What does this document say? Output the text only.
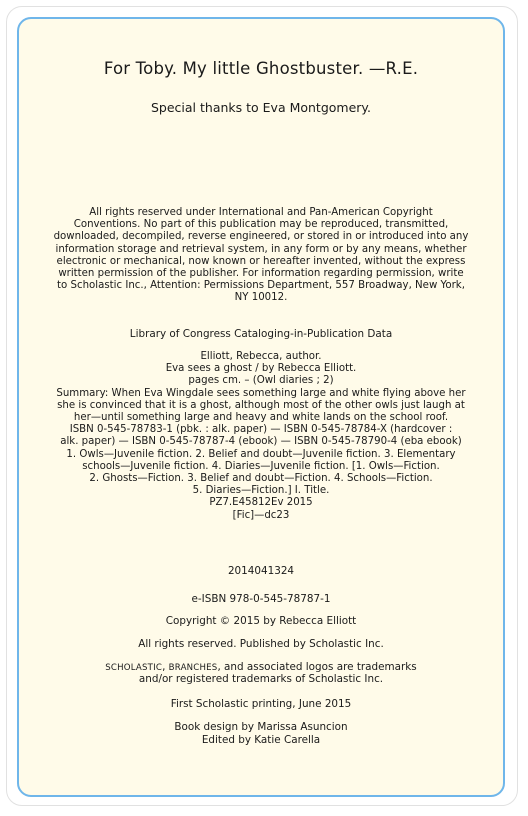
For Toby. My little Ghostbuster. —R.E.
Special thanks to Eva Montgomery.
All rights reserved under International and Pan-American Copyright
Conventions. No part of this publication may be reproduced, transmitted,
downloaded, decompiled, reverse engineered, or stored in or introduced into any
information storage and retrieval system, in any form or by any means, whether
electronic or mechanical, now known or hereafter invented, without the express
written permission of the publisher. For information regarding permission, write
to Scholastic Inc., Attention: Permissions Department, 557 Broadway, New York,
NY 10012.
Library of Congress Cataloging-in-Publication Data
Elliott, Rebecca, author.
Eva sees a ghost / by Rebecca Elliott.
pages cm. – (Owl diaries ; 2)
Summary: When Eva Wingdale sees something large and white flying above her
she is convinced that it is a ghost, although most of the other owls just laugh at
her—until something large and heavy and white lands on the school roof.
ISBN 0-545-78783-1 (pbk. : alk. paper) — ISBN 0-545-78784-X (hardcover :
alk. paper) — ISBN 0-545-78787-4 (ebook) — ISBN 0-545-78790-4 (eba ebook)
1. Owls—Juvenile fiction. 2. Belief and doubt—Juvenile fiction. 3. Elementary
schools—Juvenile fiction. 4. Diaries—Juvenile fiction. [1. Owls—Fiction.
2. Ghosts—Fiction. 3. Belief and doubt—Fiction. 4. Schools—Fiction.
5. Diaries—Fiction.] I. Title.
PZ7.E45812Ev 2015
[Fic]—dc23
2014041324
e-ISBN 978-0-545-78787-1
Copyright © 2015 by Rebecca Elliott
All rights reserved. Published by Scholastic Inc.
SCHOLASTIC, BRANCHES, and associated logos are trademarks
and/or registered trademarks of Scholastic Inc.
First Scholastic printing, June 2015
Book design by Marissa Asuncion
Edited by Katie Carella
